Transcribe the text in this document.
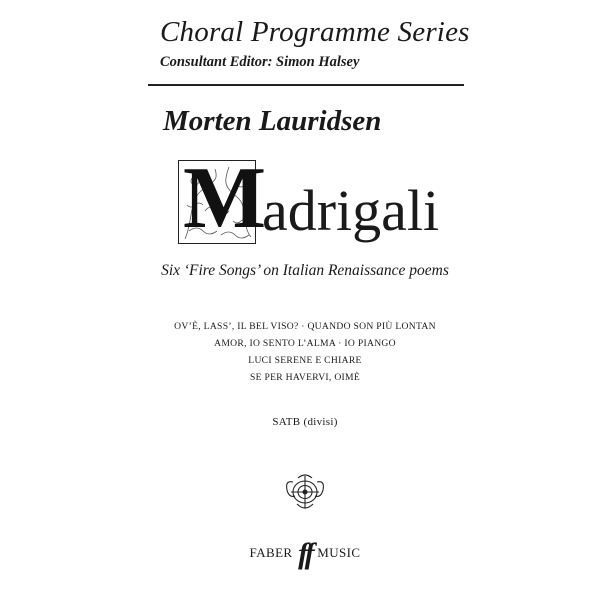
Choral Programme Series
Consultant Editor: Simon Halsey
Morten Lauridsen
M
adrigali
Six ‘Fire Songs’ on Italian Renaissance poems
OV’È, LASS’, IL BEL VISO? · QUANDO SON PIÙ LONTAN
AMOR, IO SENTO L’ALMA · IO PIANGO
LUCI SERENE E CHIARE
SE PER HAVERVI, OIMÈ
SATB (divisi)
FABER ff MUSIC
